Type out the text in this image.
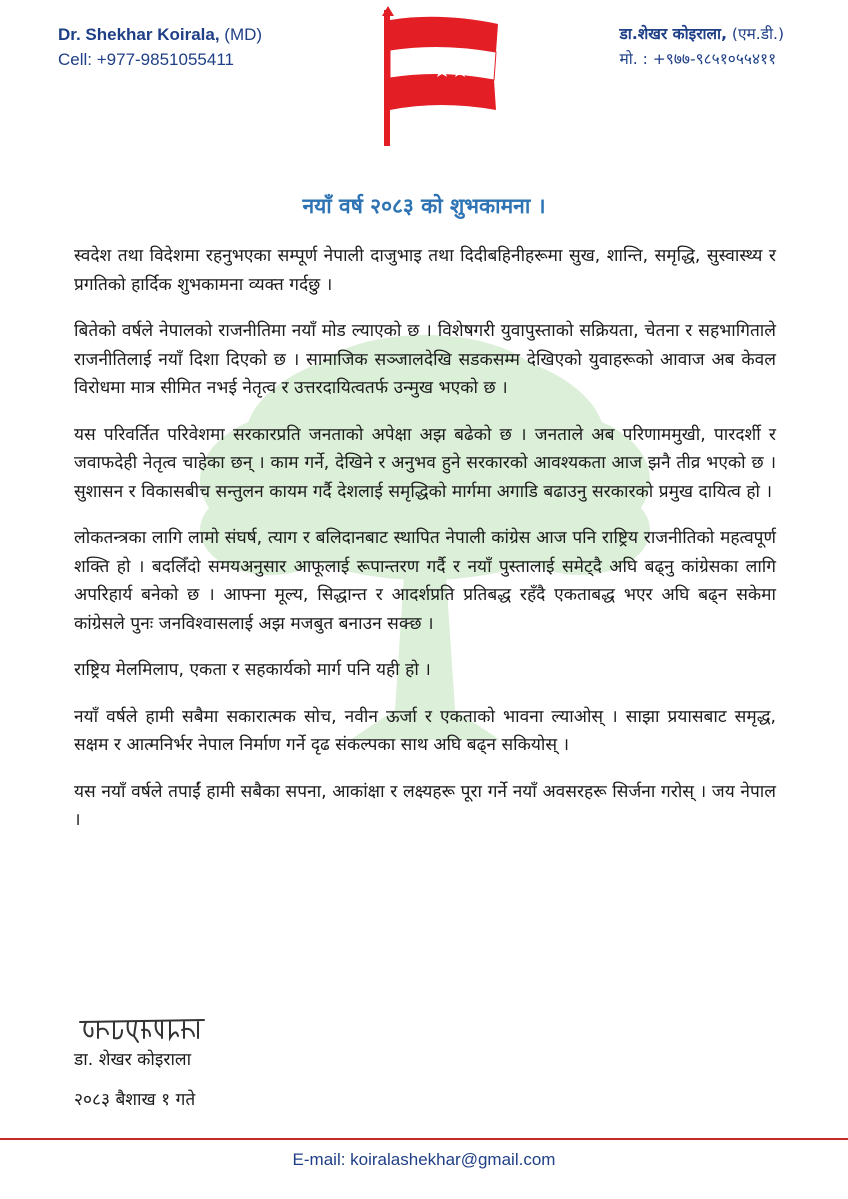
Dr. Shekhar Koirala, (MD)
Cell: +977-9851055411
डा.शेखर कोइराला, (एम.डी.)
मो. : +९७७-९८५१०५५४११
नयाँ वर्ष २०८३ को शुभकामना ।

स्वदेश तथा विदेशमा रहनुभएका सम्पूर्ण नेपाली दाजुभाइ तथा दिदीबहिनीहरूमा सुख, शान्ति, समृद्धि, सुस्वास्थ्य र प्रगतिको हार्दिक शुभकामना व्यक्त गर्दछु ।

बितेको वर्षले नेपालको राजनीतिमा नयाँ मोड ल्याएको छ । विशेषगरी युवापुस्ताको सक्रियता, चेतना र सहभागिताले राजनीतिलाई नयाँ दिशा दिएको छ । सामाजिक सञ्जालदेखि सडकसम्म देखिएको युवाहरूको आवाज अब केवल विरोधमा मात्र सीमित नभई नेतृत्व र उत्तरदायित्वतर्फ उन्मुख भएको छ ।

यस परिवर्तित परिवेशमा सरकारप्रति जनताको अपेक्षा अझ बढेको छ । जनताले अब परिणाममुखी, पारदर्शी र जवाफदेही नेतृत्व चाहेका छन् । काम गर्ने, देखिने र अनुभव हुने सरकारको आवश्यकता आज झनै तीव्र भएको छ । सुशासन र विकासबीच सन्तुलन कायम गर्दै देशलाई समृद्धिको मार्गमा अगाडि बढाउनु सरकारको प्रमुख दायित्व हो ।

लोकतन्त्रका लागि लामो संघर्ष, त्याग र बलिदानबाट स्थापित नेपाली कांग्रेस आज पनि राष्ट्रिय राजनीतिको महत्वपूर्ण शक्ति हो । बदलिँदो समयअनुसार आफूलाई रूपान्तरण गर्दै र नयाँ पुस्तालाई समेट्दै अघि बढ्नु कांग्रेसका लागि अपरिहार्य बनेको छ । आफ्ना मूल्य, सिद्धान्त र आदर्शप्रति प्रतिबद्ध रहँदै एकताबद्ध भएर अघि बढ्न सकेमा कांग्रेसले पुनः जनविश्वासलाई अझ मजबुत बनाउन सक्छ ।

राष्ट्रिय मेलमिलाप, एकता र सहकार्यको मार्ग पनि यही हो ।

नयाँ वर्षले हामी सबैमा सकारात्मक सोच, नवीन ऊर्जा र एकताको भावना ल्याओस् । साझा प्रयासबाट समृद्ध, सक्षम र आत्मनिर्भर नेपाल निर्माण गर्ने दृढ संकल्पका साथ अघि बढ्न सकियोस् ।

यस नयाँ वर्षले तपाईं हामी सबैका सपना, आकांक्षा र लक्ष्यहरू पूरा गर्ने नयाँ अवसरहरू सिर्जना गरोस् । जय नेपाल ।

डा. शेखर कोइराला
२०८३ बैशाख १ गते
E-mail: koiralashekhar@gmail.com
